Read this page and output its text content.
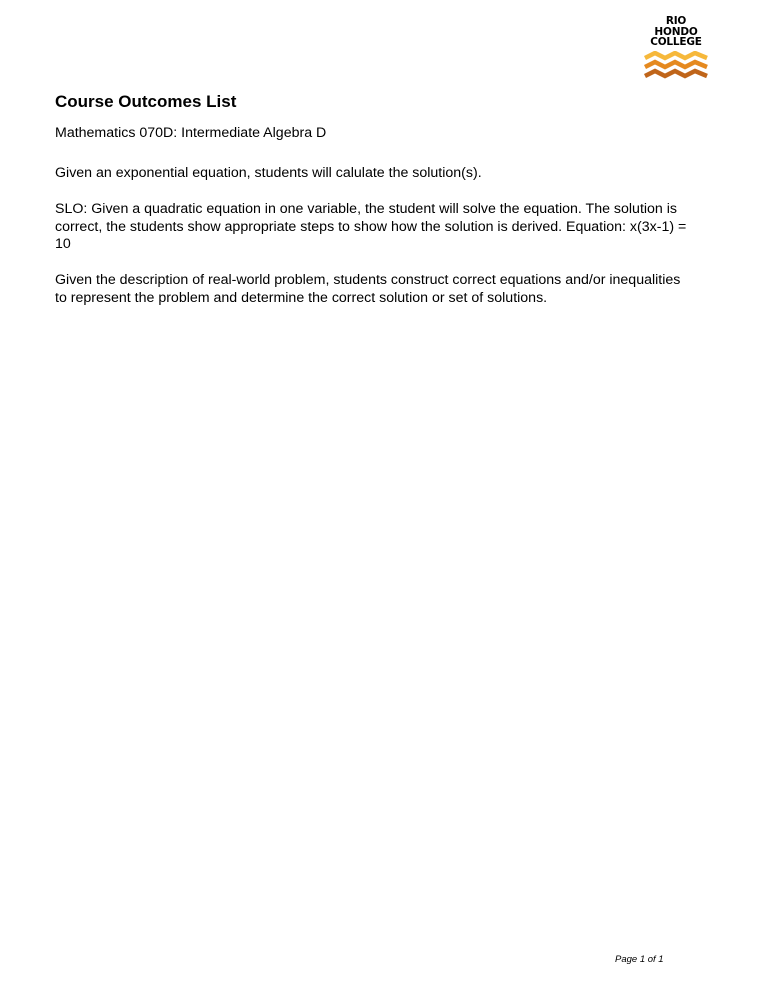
RIO
HONDO
COLLEGE
Course Outcomes List

Mathematics 070D: Intermediate Algebra D

Given an exponential equation, students will calulate the solution(s).

SLO: Given a quadratic equation in one variable, the student will solve the equation. The solution is correct, the students show appropriate steps to show how the solution is derived. Equation: x(3x-1) = 10

Given the description of real-world problem, students construct correct equations and/or inequalities to represent the problem and determine the correct solution or set of solutions.

Page 1 of 1
